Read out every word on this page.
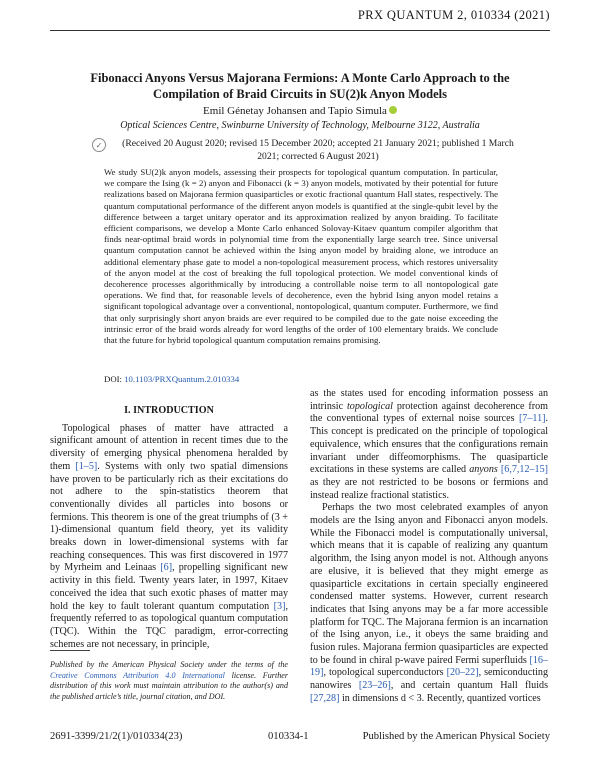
PRX QUANTUM 2, 010334 (2021)
Fibonacci Anyons Versus Majorana Fermions: A Monte Carlo Approach to the Compilation of Braid Circuits in SU(2)k Anyon Models
Emil Génetay Johansen and Tapio Simula
Optical Sciences Centre, Swinburne University of Technology, Melbourne 3122, Australia
✓	(Received 20 August 2020; revised 15 December 2020; accepted 21 January 2021; published 1 March 2021; corrected 6 August 2021)

We study SU(2)k anyon models, assessing their prospects for topological quantum computation. In particular, we compare the Ising (k = 2) anyon and Fibonacci (k = 3) anyon models, motivated by their potential for future realizations based on Majorana fermion quasiparticles or exotic fractional quantum Hall states, respectively. The quantum computational performance of the different anyon models is quantified at the single-qubit level by the difference between a target unitary operator and its approximation realized by anyon braiding. To facilitate efficient comparisons, we develop a Monte Carlo enhanced Solovay-Kitaev quantum compiler algorithm that finds near-optimal braid words in polynomial time from the exponentially large search tree. Since universal quantum computation cannot be achieved within the Ising anyon model by braiding alone, we introduce an additional elementary phase gate to model a non-topological measurement process, which restores universality of the anyon model at the cost of breaking the full topological protection. We model conventional kinds of decoherence processes algorithmically by introducing a controllable noise term to all nontopological gate operations. We find that, for reasonable levels of decoherence, even the hybrid Ising anyon model retains a significant topological advantage over a conventional, nontopological, quantum computer. Furthermore, we find that only surprisingly short anyon braids are ever required to be compiled due to the gate noise exceeding the intrinsic error of the braid words already for word lengths of the order of 100 elementary braids. We conclude that the future for hybrid topological quantum computation remains promising.

DOI: 10.1103/PRXQuantum.2.010334
I. INTRODUCTION

Topological phases of matter have attracted a significant amount of attention in recent times due to the diversity of emerging physical phenomena heralded by them [1–5]. Systems with only two spatial dimensions have proven to be particularly rich as their excitations do not adhere to the spin-statistics theorem that conventionally divides all particles into bosons or fermions. This theorem is one of the great triumphs of (3 + 1)-dimensional quantum field theory, yet its validity breaks down in lower-dimensional systems with far reaching consequences. This was first discovered in 1977 by Myrheim and Leinaas [6], propelling significant new activity in this field. Twenty years later, in 1997, Kitaev conceived the idea that such exotic phases of matter may hold the key to fault tolerant quantum computation [3], frequently referred to as topological quantum computation (TQC). Within the TQC paradigm, error-correcting schemes are not necessary, in principle,

as the states used for encoding information possess an intrinsic topological protection against decoherence from the conventional types of external noise sources [7–11]. This concept is predicated on the principle of topological equivalence, which ensures that the configurations remain invariant under diffeomorphisms. The quasiparticle excitations in these systems are called anyons [6,7,12–15] as they are not restricted to be bosons or fermions and instead realize fractional statistics.

Perhaps the two most celebrated examples of anyon models are the Ising anyon and Fibonacci anyon models. While the Fibonacci model is computationally universal, which means that it is capable of realizing any quantum algorithm, the Ising anyon model is not. Although anyons are elusive, it is believed that they might emerge as quasiparticle excitations in certain specially engineered condensed matter systems. However, current research indicates that Ising anyons may be a far more accessible platform for TQC. The Majorana fermion is an incarnation of the Ising anyon, i.e., it obeys the same braiding and fusion rules. Majorana fermion quasiparticles are expected to be found in chiral p-wave paired Fermi superfluids [16–19], topological superconductors [20–22], semiconducting nanowires [23–26], and certain quantum Hall fluids [27,28] in dimensions d < 3. Recently, quantized vortices

Published by the American Physical Society under the terms of the Creative Commons Attribution 4.0 International license. Further distribution of this work must maintain attribution to the author(s) and the published article’s title, journal citation, and DOI.

2691-3399/21/2(1)/010334(23)	010334-1	Published by the American Physical Society
